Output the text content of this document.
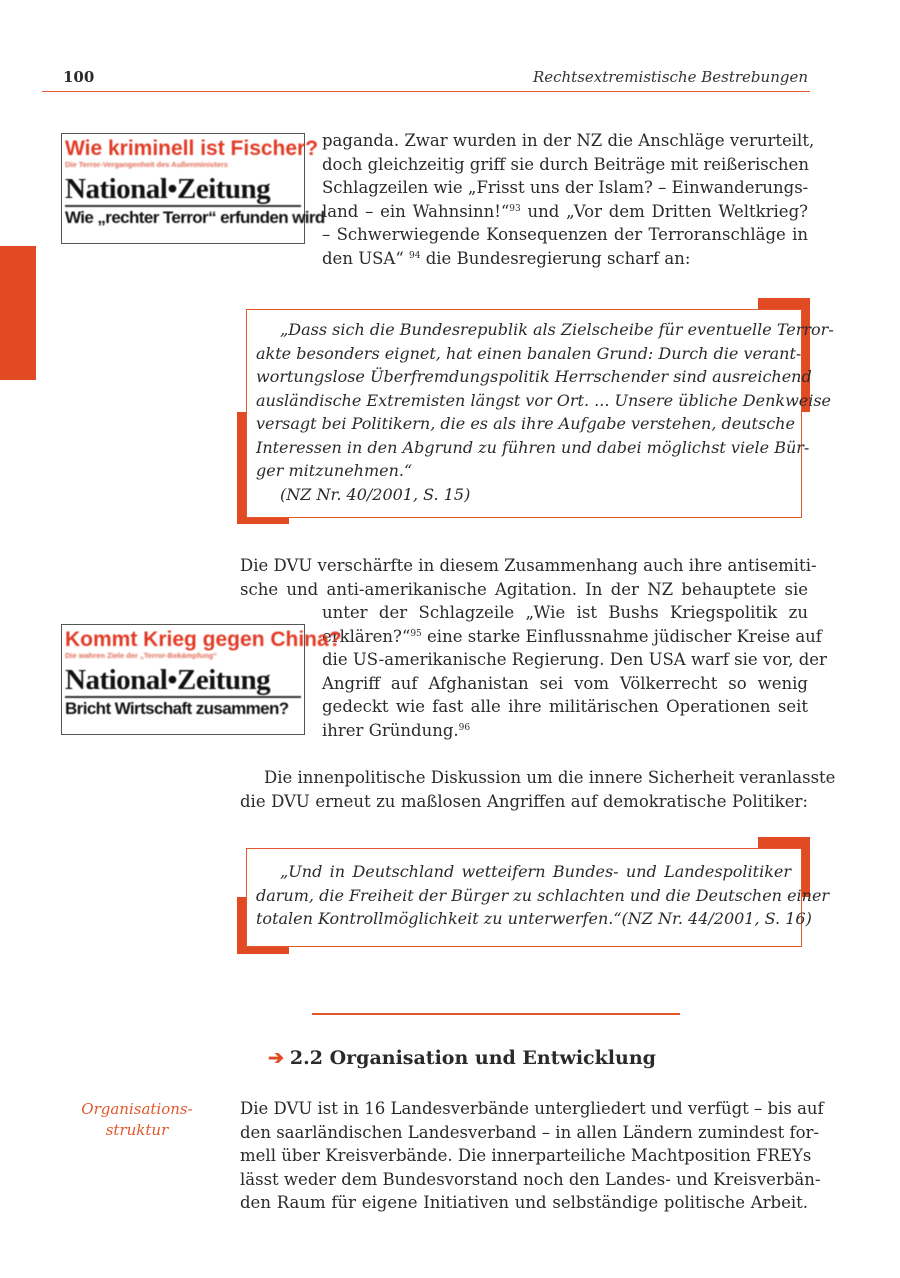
100	Rechtsextremistische Bestrebungen
Wie kriminell ist Fischer?
Die Terror-Vergangenheit des Außenministers
National•Zeitung
Wie „rechter Terror“ erfunden wird
paganda. Zwar wurden in der NZ die Anschläge verurteilt,
doch gleichzeitig griff sie durch Beiträge mit reißerischen
Schlagzeilen wie „Frisst uns der Islam? – Einwanderungs-
land – ein Wahnsinn!“$^{93}$ und „Vor dem Dritten Weltkrieg?
– Schwerwiegende Konsequenzen der Terroranschläge in
den USA“ $^{94}$ die Bundesregierung scharf an:
„Dass sich die Bundesrepublik als Zielscheibe für eventuelle Terror-
akte besonders eignet, hat einen banalen Grund: Durch die verant-
wortungslose Überfremdungspolitik Herrschender sind ausreichend
ausländische Extremisten längst vor Ort. ... Unsere übliche Denkweise
versagt bei Politikern, die es als ihre Aufgabe verstehen, deutsche
Interessen in den Abgrund zu führen und dabei möglichst viele Bür-
ger mitzunehmen.“
(NZ Nr. 40/2001, S. 15)
Die DVU verschärfte in diesem Zusammenhang auch ihre antisemiti-
sche und anti-amerikanische Agitation. In der NZ behauptete sie
unter der Schlagzeile „Wie ist Bushs Kriegspolitik zu
erklären?“$^{95}$ eine starke Einflussnahme jüdischer Kreise auf
die US-amerikanische Regierung. Den USA warf sie vor, der
Angriff auf Afghanistan sei vom Völkerrecht so wenig
gedeckt wie fast alle ihre militärischen Operationen seit
ihrer Gründung.$^{96}$
Kommt Krieg gegen China?
Die wahren Ziele der „Terror-Bekämpfung“
National•Zeitung
Bricht Wirtschaft zusammen?
Die innenpolitische Diskussion um die innere Sicherheit veranlasste
die DVU erneut zu maßlosen Angriffen auf demokratische Politiker:
„Und in Deutschland wetteifern Bundes- und Landespolitiker
darum, die Freiheit der Bürger zu schlachten und die Deutschen einer
totalen Kontrollmöglichkeit zu unterwerfen.“(NZ Nr. 44/2001, S. 16)
➔ 2.2 Organisation und Entwicklung
Organisations-
struktur
Die DVU ist in 16 Landesverbände untergliedert und verfügt – bis auf
den saarländischen Landesverband – in allen Ländern zumindest for-
mell über Kreisverbände. Die innerparteiliche Machtposition FREYs
lässt weder dem Bundesvorstand noch den Landes- und Kreisverbän-
den Raum für eigene Initiativen und selbständige politische Arbeit.
